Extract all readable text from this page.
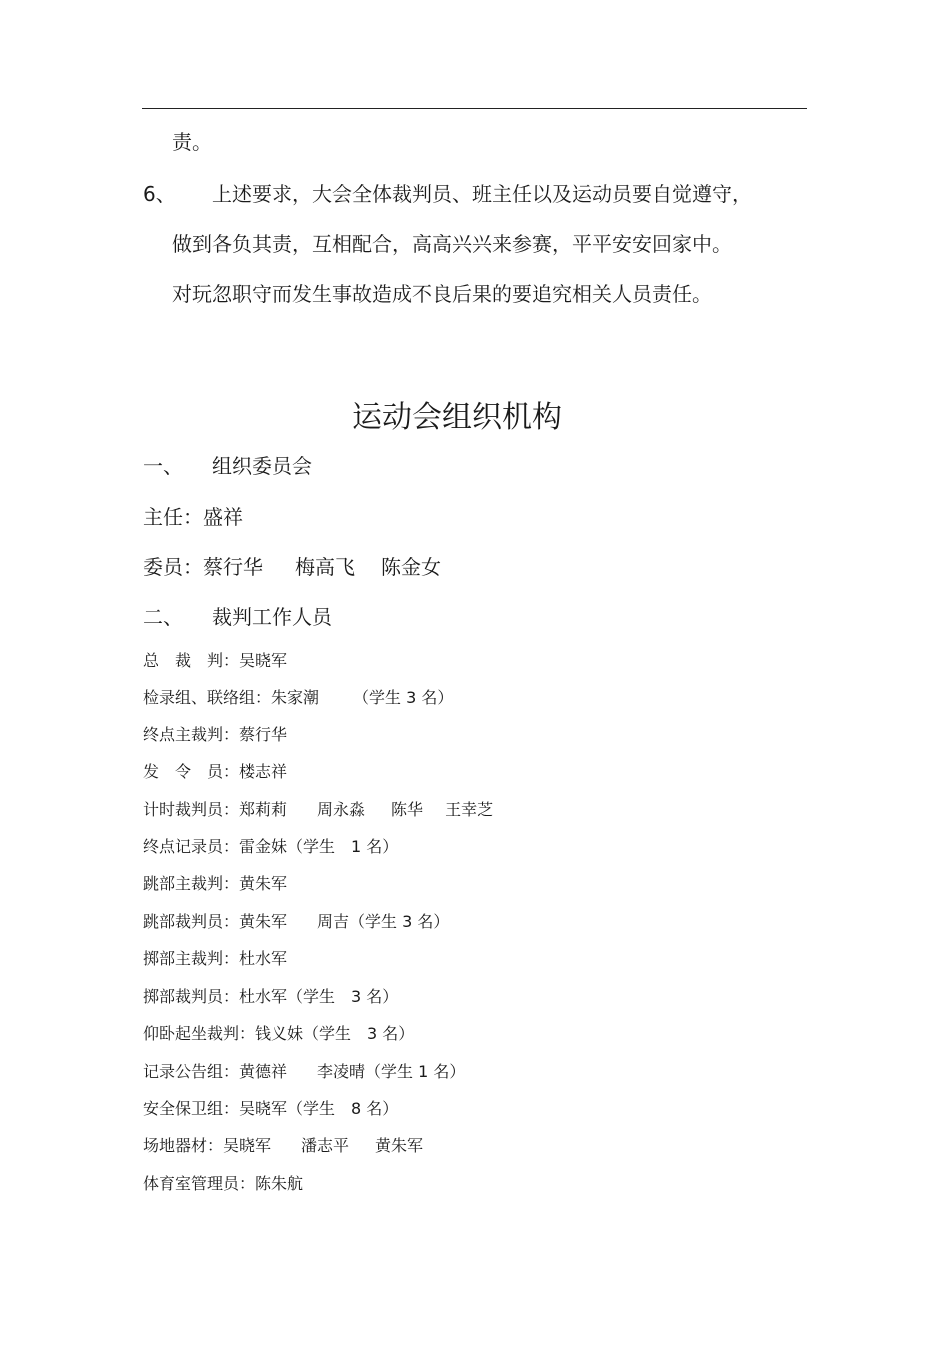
责。
6、 上述要求，大会全体裁判员、班主任以及运动员要自觉遵守，
做到各负其责，互相配合，高高兴兴来参赛，平平安安回家中。
对玩忽职守而发生事故造成不良后果的要追究相关人员责任。
运动会组织机构
一、 组织委员会
主任：盛祥
委员：蔡行华 梅高飞 陈金女
二、 裁判工作人员
总　裁　判：吴晓军
检录组、联络组：朱家潮 （学生 3 名）
终点主裁判：蔡行华
发　令　员：楼志祥
计时裁判员：郑莉莉 周永淼 陈华 王幸芝
终点记录员：雷金妹（学生　1 名）
跳部主裁判：黄朱军
跳部裁判员：黄朱军 周吉（学生 3 名）
掷部主裁判：杜水军
掷部裁判员：杜水军（学生　3 名）
仰卧起坐裁判：钱义妹（学生　3 名）
记录公告组：黄德祥 李凌晴（学生 1 名）
安全保卫组：吴晓军（学生　8 名）
场地器材：吴晓军 潘志平 黄朱军
体育室管理员：陈朱航
